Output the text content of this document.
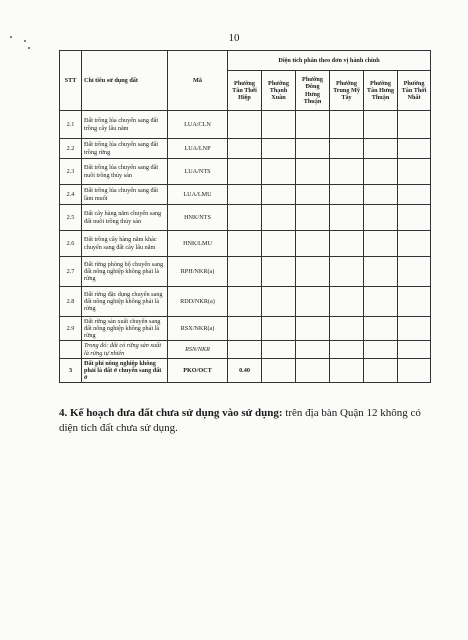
10
STT	Chỉ tiêu sử dụng đất	Mã	Diện tích phân theo đơn vị hành chính					
			Phường Tân Thới Hiệp	Phường Thạnh Xuân	Phường Đông Hưng Thuận	Phường Trung Mỹ Tây	Phường Tân Hưng Thuận	Phường Tân Thới Nhất
2.1	Đất trồng lúa chuyển sang đất trồng cây lâu năm	LUA/CLN						
2.2	Đất trồng lúa chuyển sang đất trồng rừng	LUA/LNP						
2.3	Đất trồng lúa chuyển sang đất nuôi trồng thủy sản	LUA/NTS						
2.4	Đất trồng lúa chuyển sang đất làm muối	LUA/LMU						
2.5	Đất cây hàng năm chuyển sang đất nuôi trồng thủy sản	HNK/NTS						
2.6	Đất trồng cây hàng năm khác chuyển sang đất cây lâu năm	HNK/LMU						
2.7	Đất rừng phòng hộ chuyển sang đất nông nghiệp không phải là rừng	RPH/NKR(a)						
2.8	Đất rừng đặc dụng chuyển sang đất nông nghiệp không phải là rừng	RDD/NKR(a)						
2.9	Đất rừng sản xuất chuyển sang đất nông nghiệp không phải là rừng	RSX/NKR(a)						
	Trong đó: đất có rừng sản xuất là rừng tự nhiên	RSN/NKR						
3	Đất phi nông nghiệp không phải là đất ở chuyển sang đất ở	PKO/OCT	0.40					
4. Kế hoạch đưa đất chưa sử dụng vào sử dụng: trên địa bàn Quận 12 không có diện tích đất chưa sử dụng.
